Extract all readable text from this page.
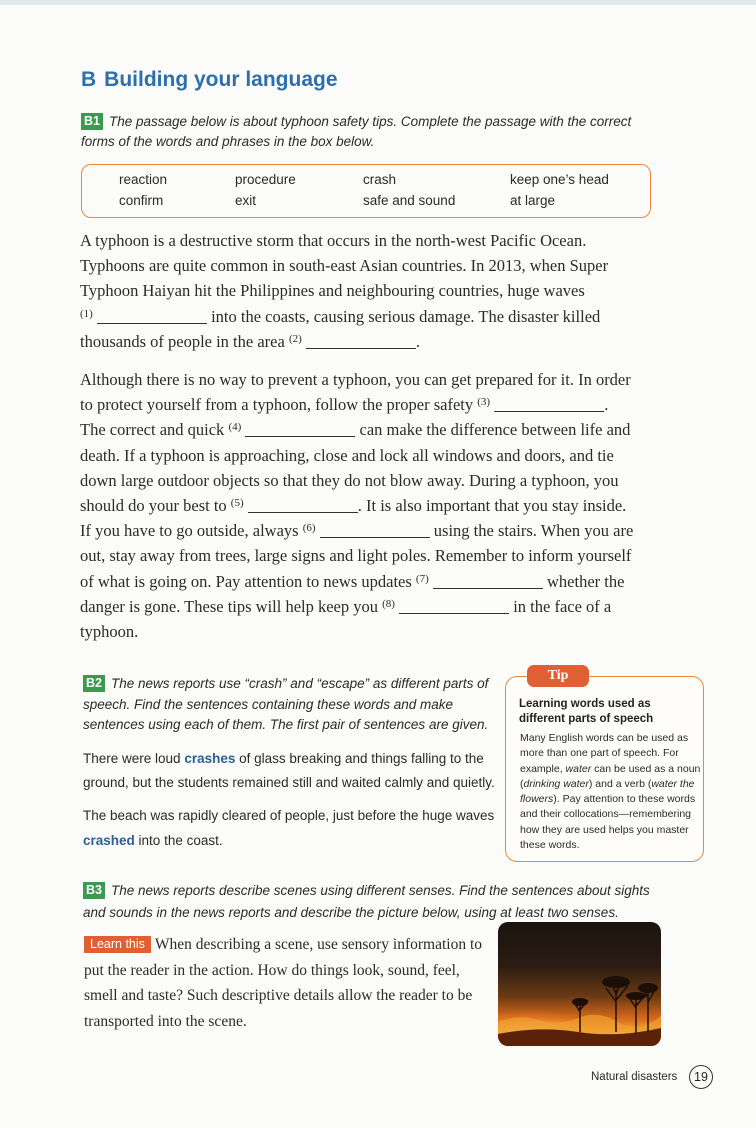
B Building your language
B1 The passage below is about typhoon safety tips. Complete the passage with the correct forms of the words and phrases in the box below.
reaction	procedure	crash	keep one’s head
confirm	exit	safe and sound	at large
A typhoon is a destructive storm that occurs in the north-west Pacific Ocean.
Typhoons are quite common in south-east Asian countries. In 2013, when Super
Typhoon Haiyan hit the Philippines and neighbouring countries, huge waves
$^{(1)}$	into the coasts, causing serious damage. The disaster killed
thousands of people in the area $^{(2)}$	.
Although there is no way to prevent a typhoon, you can get prepared for it. In order
to protect yourself from a typhoon, follow the proper safety $^{(3)}$	.
The correct and quick $^{(4)}$	can make the difference between life and
death. If a typhoon is approaching, close and lock all windows and doors, and tie
down large outdoor objects so that they do not blow away. During a typhoon, you
should do your best to $^{(5)}$	. It is also important that you stay inside.
If you have to go outside, always $^{(6)}$	using the stairs. When you are
out, stay away from trees, large signs and light poles. Remember to inform yourself
of what is going on. Pay attention to news updates $^{(7)}$	whether the
danger is gone. These tips will help keep you $^{(8)}$	in the face of a
typhoon.
B2 The news reports use “crash” and “escape” as different parts of speech. Find the sentences containing these words and make sentences using each of them. The first pair of sentences are given.
There were loud crashes of glass breaking and things falling to the ground, but the students remained still and waited calmly and quietly.
The beach was rapidly cleared of people, just before the huge waves crashed into the coast.
Tip
Learning words used as different parts of speech
Many English words can be used as more than one part of speech. For example, water can be used as a noun (drinking water) and a verb (water the flowers). Pay attention to these words and their collocations—remembering how they are used helps you master these words.
B3 The news reports describe scenes using different senses. Find the sentences about sights and sounds in the news reports and describe the picture below, using at least two senses.
Learn this When describing a scene, use sensory information to put the reader in the action. How do things look, sound, feel, smell and taste? Such descriptive details allow the reader to be transported into the scene.
Natural disasters	19
